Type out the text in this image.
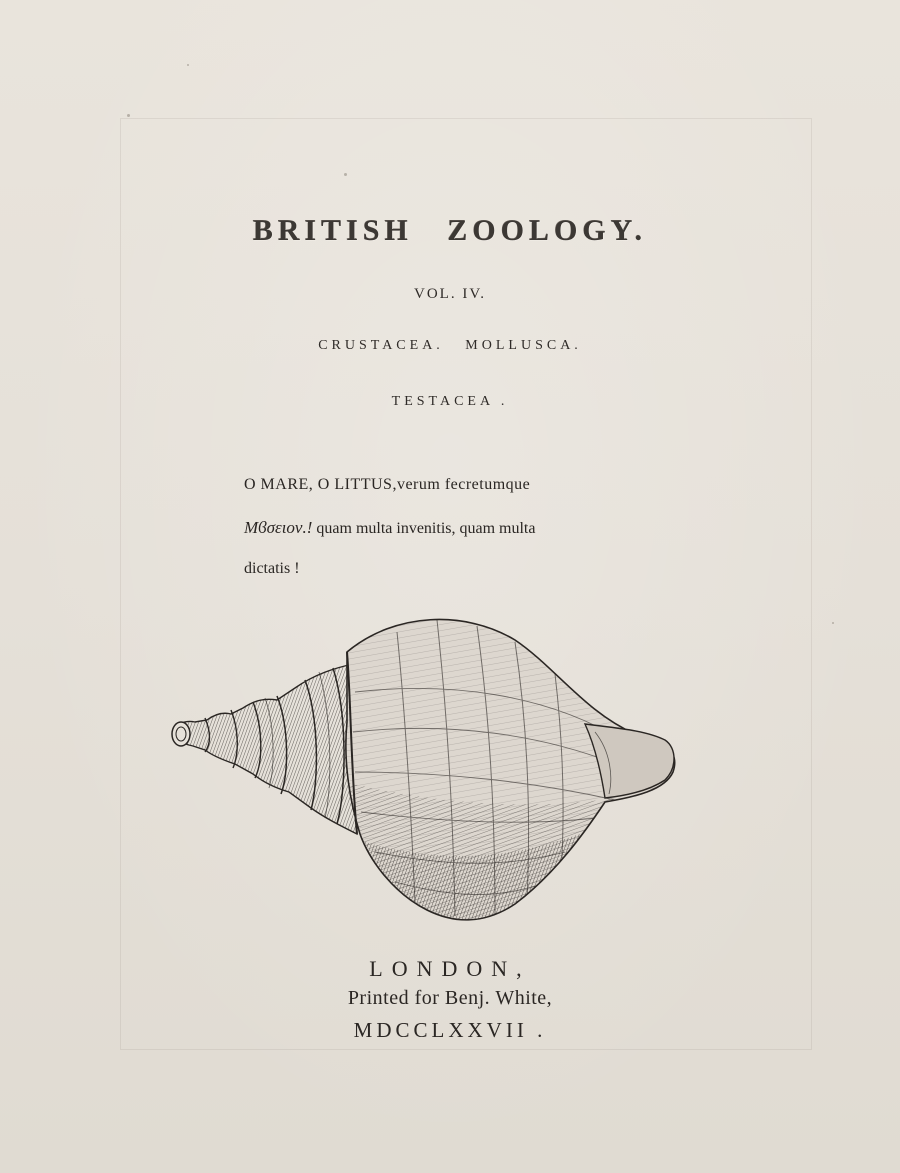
BRITISH ZOOLOGY.
VOL. IV.
CRUSTACEA. MOLLUSCA.
TESTACEA .
O MARE, O LITTUS,verum fecretumque
Μϐσειον.! quam multa invenitis, quam multa
dictatis !
LONDON,
Printed for Benj. White,
MDCCLXXVII .
